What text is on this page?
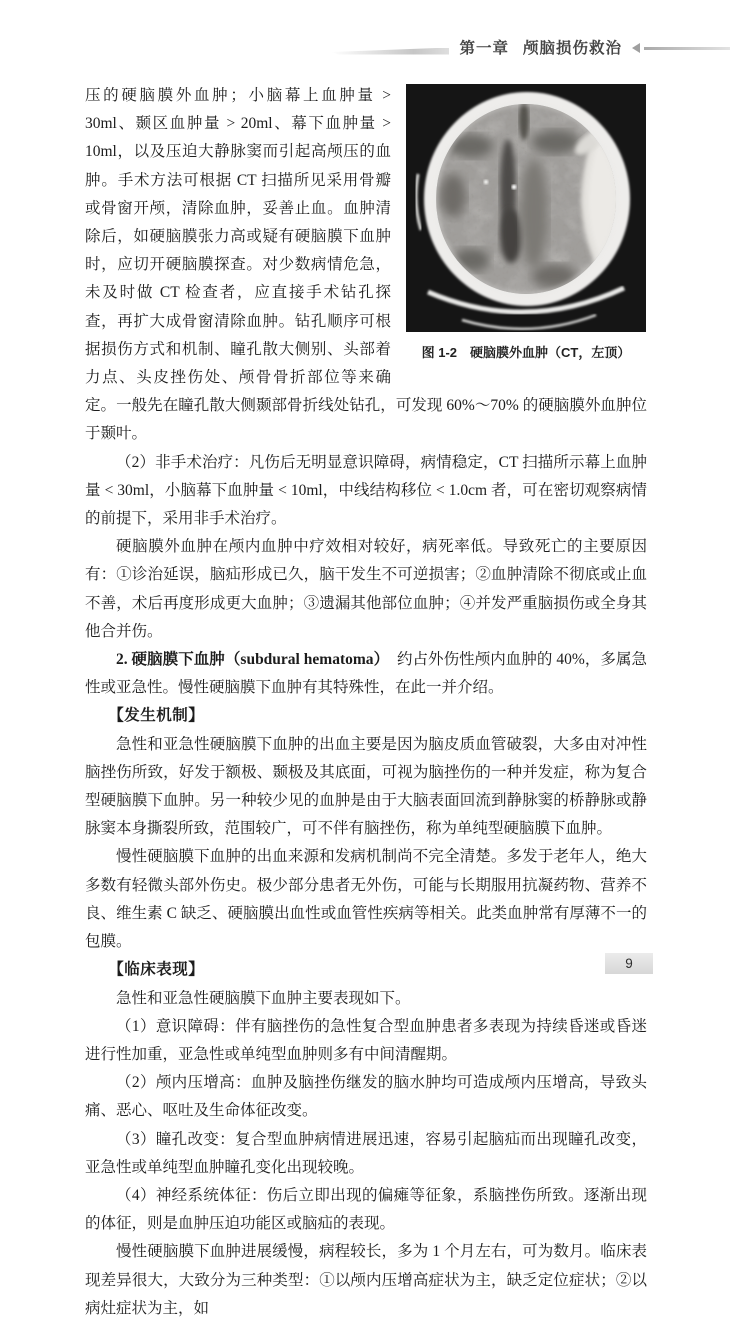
第一章 颅脑损伤救治
图 1-2　硬脑膜外血肿（CT，左顶）

压的硬脑膜外血肿；小脑幕上血肿量 > 30ml、颞区血肿量 > 20ml、幕下血肿量 > 10ml，以及压迫大静脉窦而引起高颅压的血肿。手术方法可根据 CT 扫描所见采用骨瓣或骨窗开颅，清除血肿，妥善止血。血肿清除后，如硬脑膜张力高或疑有硬脑膜下血肿时，应切开硬脑膜探查。对少数病情危急，未及时做 CT 检查者，应直接手术钻孔探查，再扩大成骨窗清除血肿。钻孔顺序可根据损伤方式和机制、瞳孔散大侧别、头部着力点、头皮挫伤处、颅骨骨折部位等来确定。一般先在瞳孔散大侧颞部骨折线处钻孔，可发现 60%～70% 的硬脑膜外血肿位于颞叶。

（2）非手术治疗：凡伤后无明显意识障碍，病情稳定，CT 扫描所示幕上血肿量 < 30ml，小脑幕下血肿量 < 10ml，中线结构移位 < 1.0cm 者，可在密切观察病情的前提下，采用非手术治疗。

硬脑膜外血肿在颅内血肿中疗效相对较好，病死率低。导致死亡的主要原因有：①诊治延误，脑疝形成已久，脑干发生不可逆损害；②血肿清除不彻底或止血不善，术后再度形成更大血肿；③遗漏其他部位血肿；④并发严重脑损伤或全身其他合并伤。

2. 硬脑膜下血肿（subdural hematoma）　约占外伤性颅内血肿的 40%，多属急性或亚急性。慢性硬脑膜下血肿有其特殊性，在此一并介绍。

【发生机制】

急性和亚急性硬脑膜下血肿的出血主要是因为脑皮质血管破裂，大多由对冲性脑挫伤所致，好发于额极、颞极及其底面，可视为脑挫伤的一种并发症，称为复合型硬脑膜下血肿。另一种较少见的血肿是由于大脑表面回流到静脉窦的桥静脉或静脉窦本身撕裂所致，范围较广，可不伴有脑挫伤，称为单纯型硬脑膜下血肿。

慢性硬脑膜下血肿的出血来源和发病机制尚不完全清楚。多发于老年人，绝大多数有轻微头部外伤史。极少部分患者无外伤，可能与长期服用抗凝药物、营养不良、维生素 C 缺乏、硬脑膜出血性或血管性疾病等相关。此类血肿常有厚薄不一的包膜。

【临床表现】

急性和亚急性硬脑膜下血肿主要表现如下。

（1）意识障碍：伴有脑挫伤的急性复合型血肿患者多表现为持续昏迷或昏迷进行性加重，亚急性或单纯型血肿则多有中间清醒期。

（2）颅内压增高：血肿及脑挫伤继发的脑水肿均可造成颅内压增高，导致头痛、恶心、呕吐及生命体征改变。

（3）瞳孔改变：复合型血肿病情进展迅速，容易引起脑疝而出现瞳孔改变，亚急性或单纯型血肿瞳孔变化出现较晚。

（4）神经系统体征：伤后立即出现的偏瘫等征象，系脑挫伤所致。逐渐出现的体征，则是血肿压迫功能区或脑疝的表现。

慢性硬脑膜下血肿进展缓慢，病程较长，多为 1 个月左右，可为数月。临床表现差异很大，大致分为三种类型：①以颅内压增高症状为主，缺乏定位症状；②以病灶症状为主，如

9
